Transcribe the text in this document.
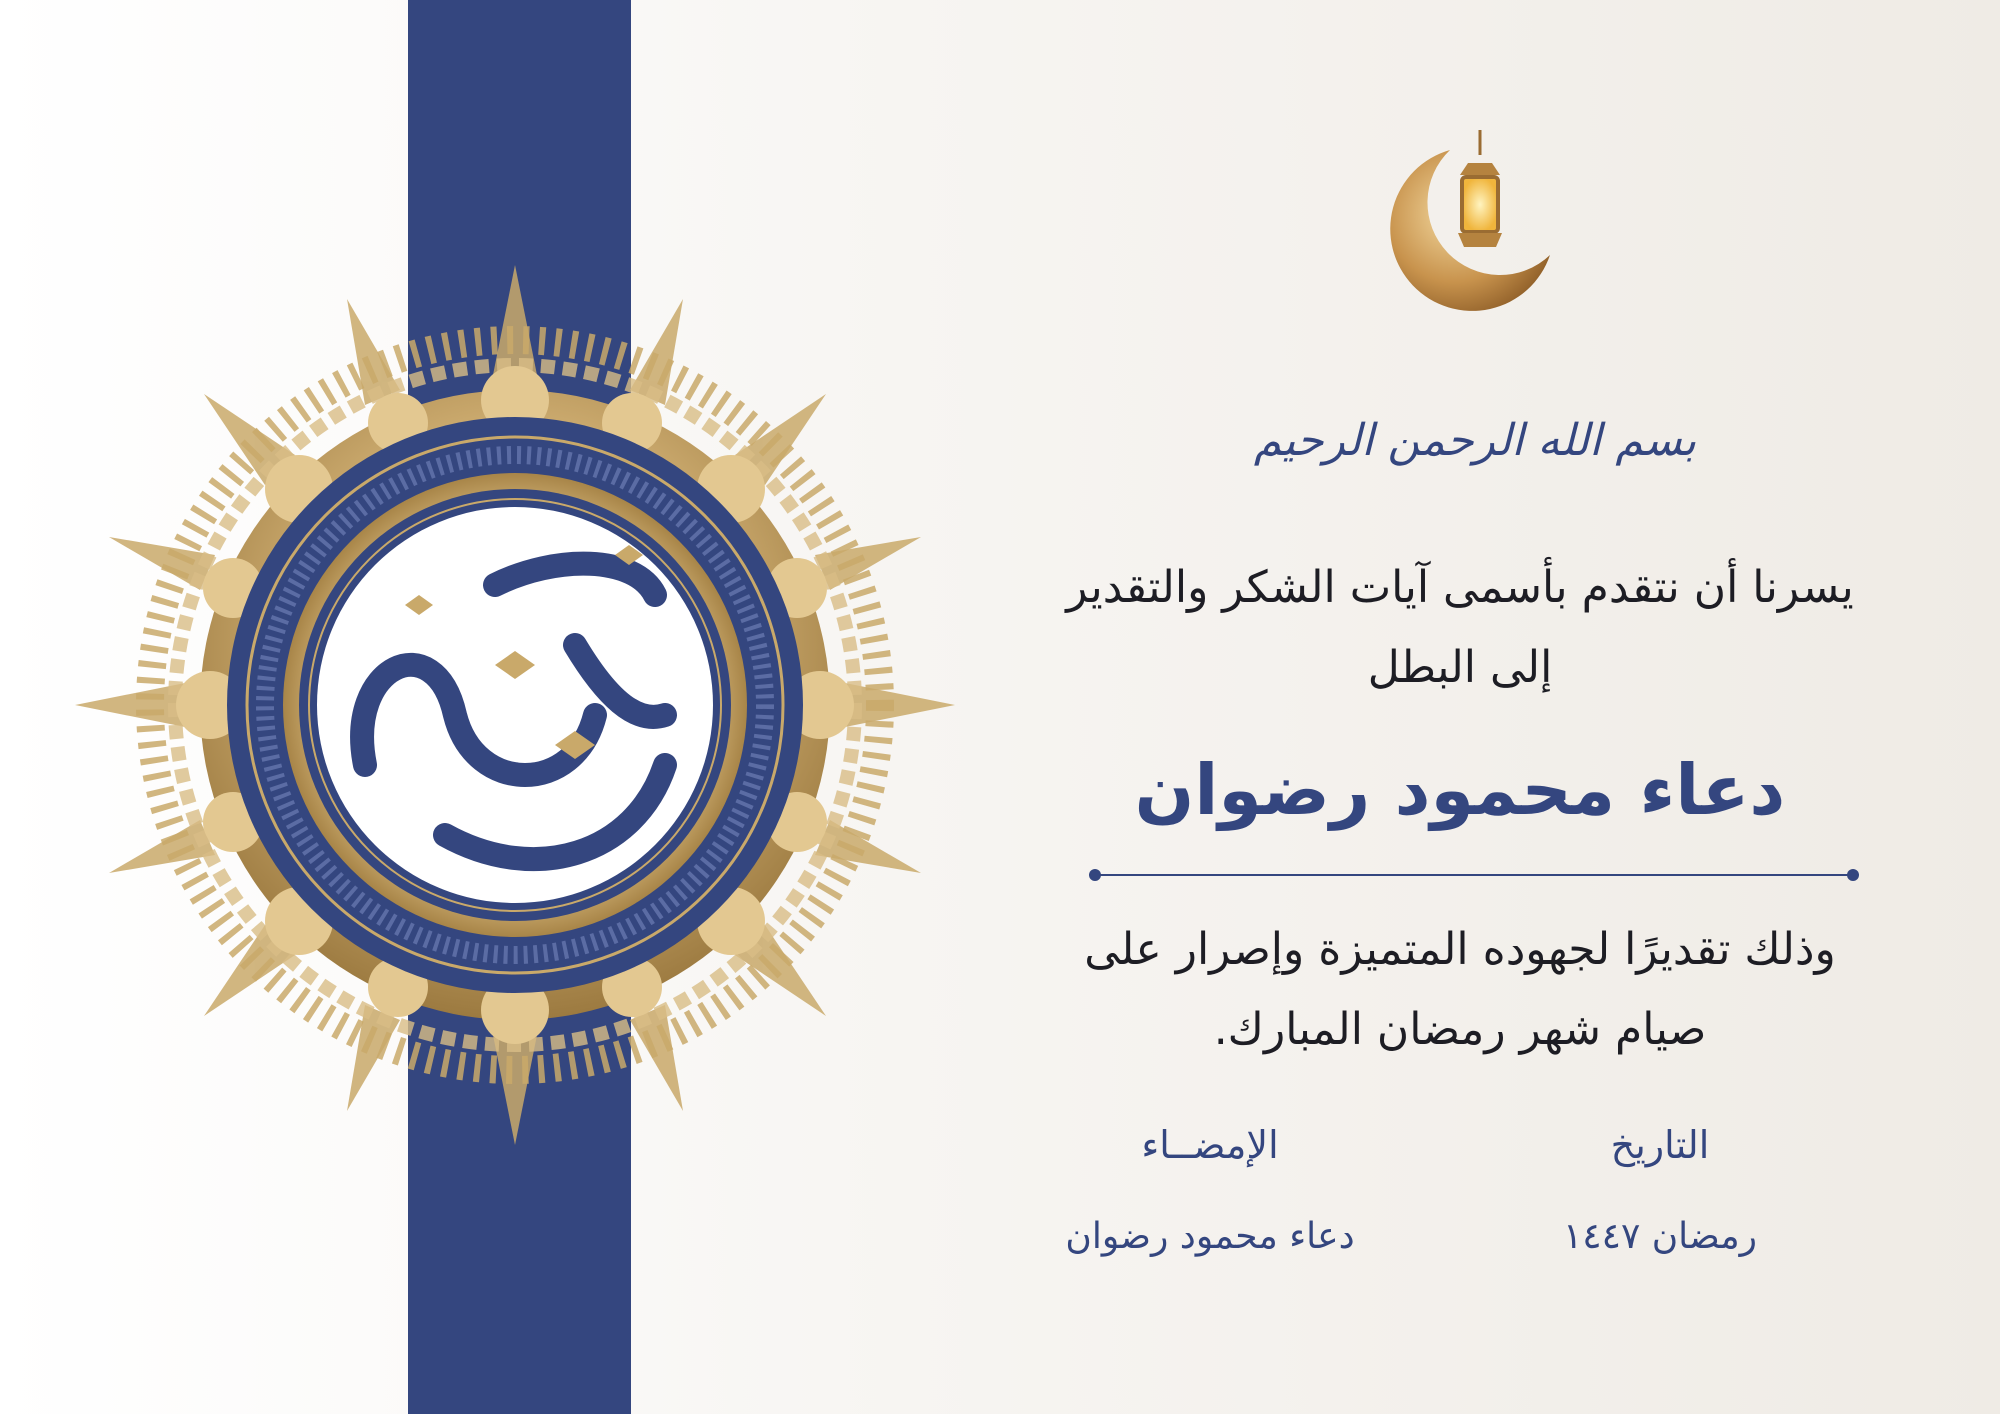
بسم الله الرحمن الرحيم
يسرنا أن نتقدم بأسمى آيات الشكر والتقدير
إلى البطل
دعاء محمود رضوان
وذلك تقديرًا لجهوده المتميزة وإصرار على
صيام شهر رمضان المبارك.
التاريخ
رمضان ١٤٤٧
الإمضــاء
دعاء محمود رضوان
